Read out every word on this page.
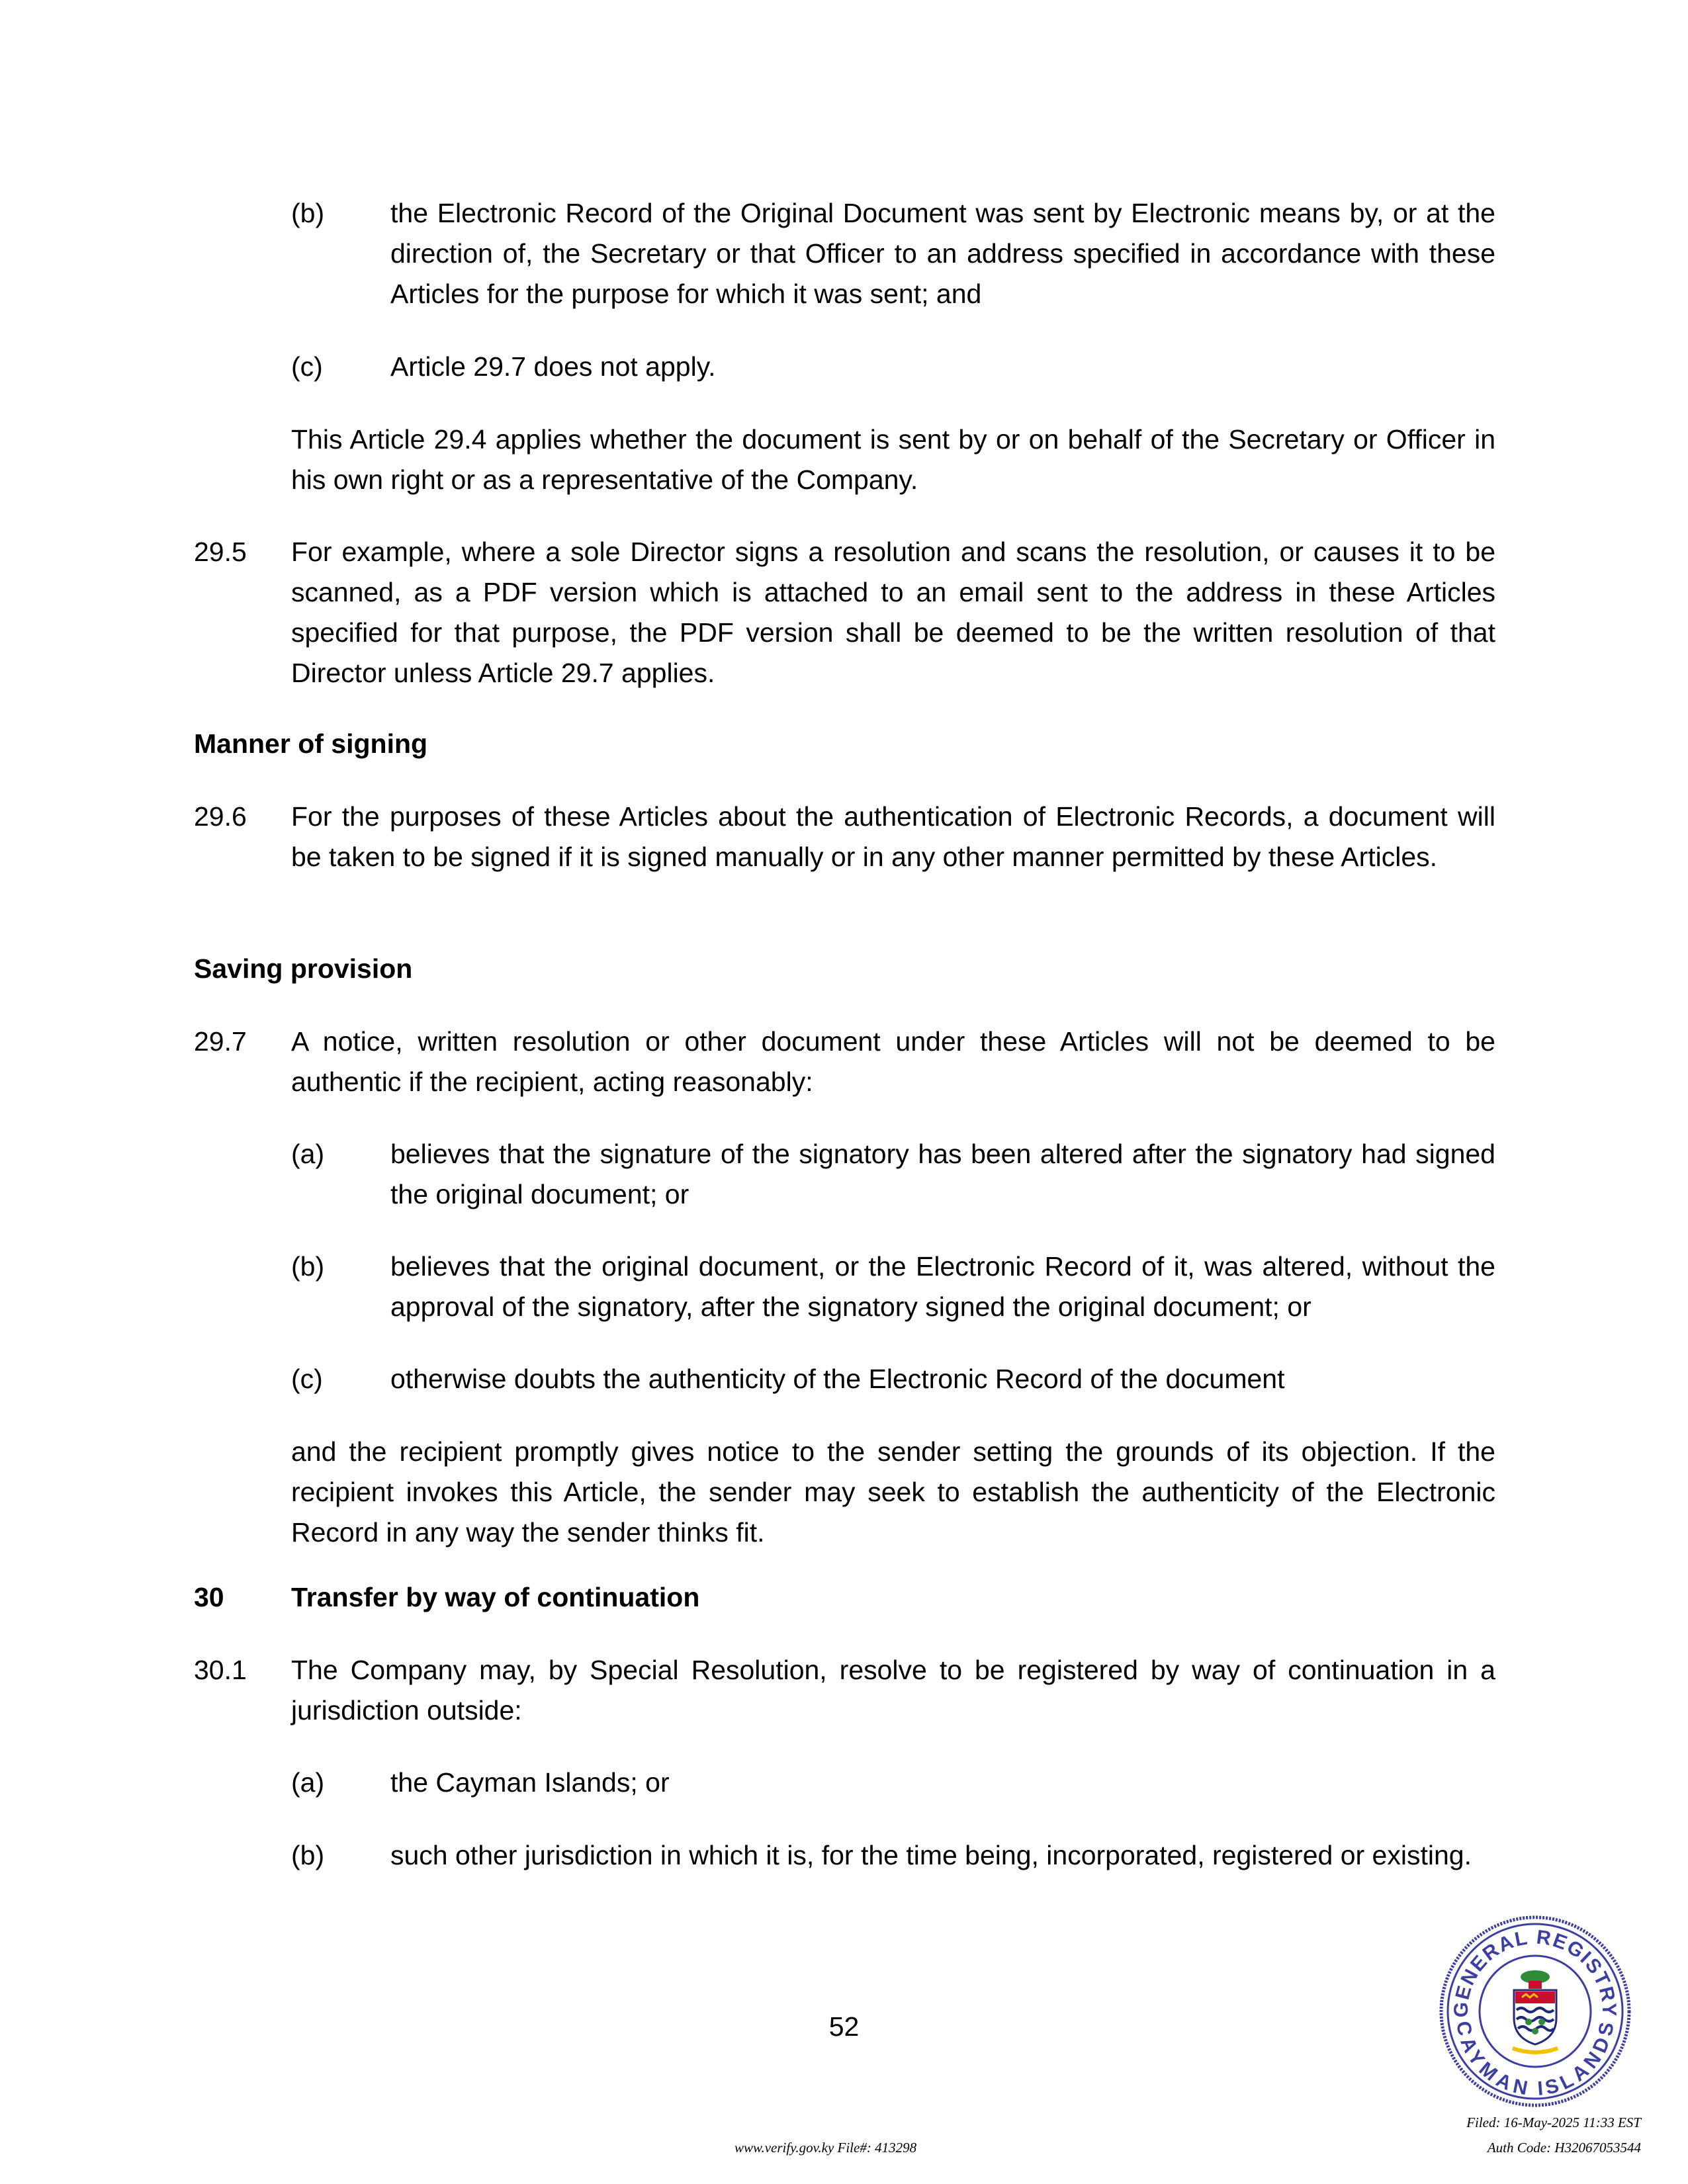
(b) the Electronic Record of the Original Document was sent by Electronic means by, or at the direction of, the Secretary or that Officer to an address specified in accordance with these Articles for the purpose for which it was sent; and

(c) Article 29.7 does not apply.

This Article 29.4 applies whether the document is sent by or on behalf of the Secretary or Officer in his own right or as a representative of the Company.

29.5 For example, where a sole Director signs a resolution and scans the resolution, or causes it to be scanned, as a PDF version which is attached to an email sent to the address in these Articles specified for that purpose, the PDF version shall be deemed to be the written resolution of that Director unless Article 29.7 applies.

Manner of signing
29.6 For the purposes of these Articles about the authentication of Electronic Records, a document will be taken to be signed if it is signed manually or in any other manner permitted by these Articles.

Saving provision
29.7 A notice, written resolution or other document under these Articles will not be deemed to be authentic if the recipient, acting reasonably:

(a) believes that the signature of the signatory has been altered after the signatory had signed the original document; or

(b) believes that the original document, or the Electronic Record of it, was altered, without the approval of the signatory, after the signatory signed the original document; or

(c) otherwise doubts the authenticity of the Electronic Record of the document

and the recipient promptly gives notice to the sender setting the grounds of its objection. If the recipient invokes this Article, the sender may seek to establish the authenticity of the Electronic Record in any way the sender thinks fit.

30 Transfer by way of continuation
30.1 The Company may, by Special Resolution, resolve to be registered by way of continuation in a jurisdiction outside:

(a) the Cayman Islands; or

(b) such other jurisdiction in which it is, for the time being, incorporated, registered or existing.

52
GENERAL REGISTRY
CAYMAN ISLANDS
www.verify.gov.ky File#: 413298
Filed: 16-May-2025 11:33 EST
Auth Code: H32067053544
